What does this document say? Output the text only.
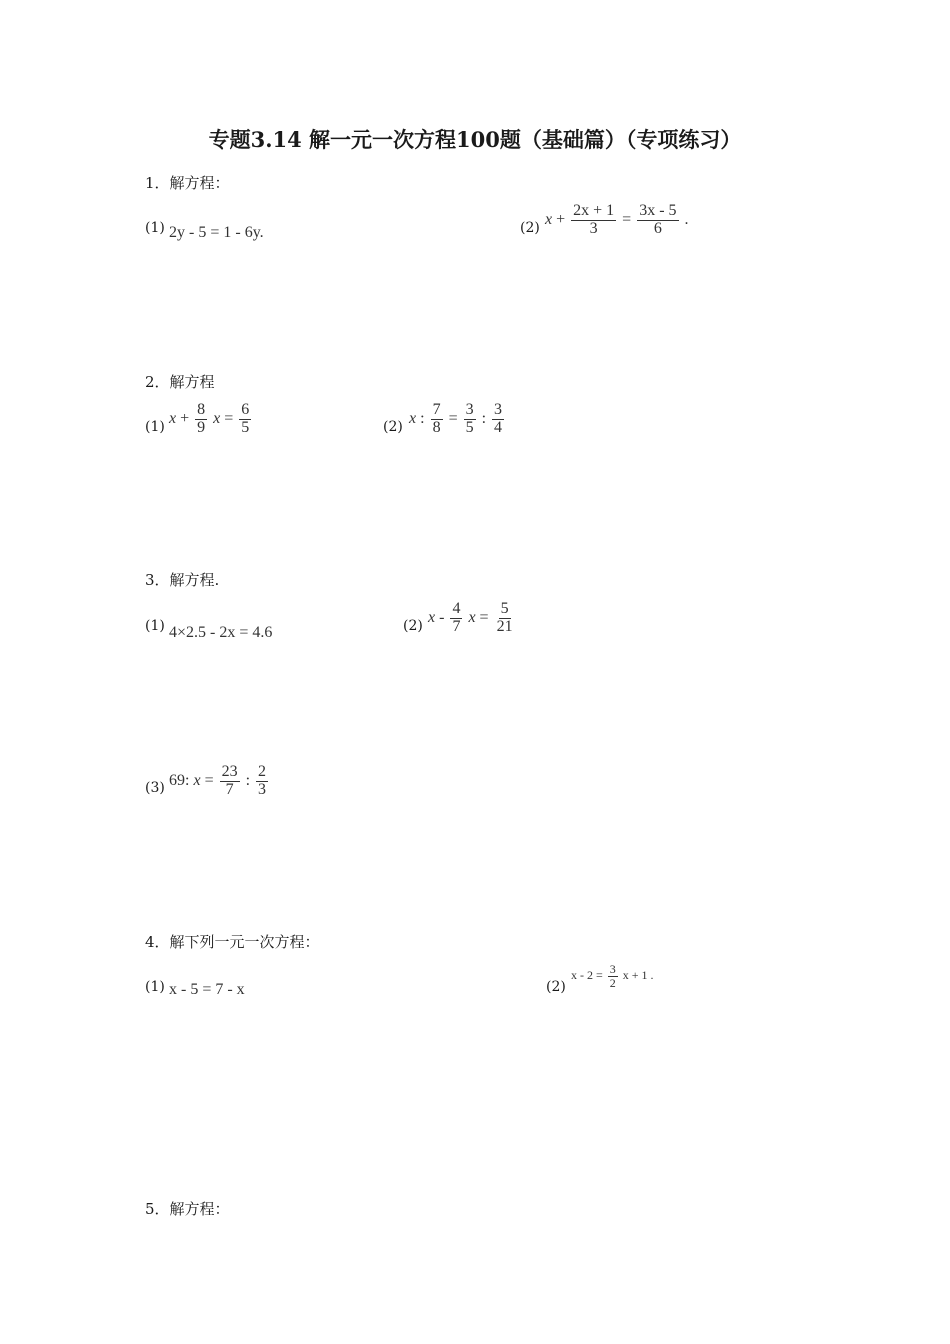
专题3.14 解一元一次方程100题（基础篇）（专项练习）
1．解方程：
(1) 2y - 5 = 1 - 6y.	(2)
$x + \frac{2x + 1}{3} = \frac{3x - 5}{6}$ .
2．解方程
(1)
$x + \frac{8}{9}$ $x = \frac{6}{5}$	(2)
x : $\frac{7}{8} = \frac{3}{5}$ : $\frac{3}{4}$
3．解方程.
(1) 4×2.5 - 2x = 4.6	(2)
x - $\frac{4}{7}$ $x = \frac{5}{21}$
(3) 69: $x = \frac{23}{7}$ : $\frac{2}{3}$
4．解下列一元一次方程：
(1) x - 5 = 7 - x	(2)
$x - 2 = \frac{3}{2}$ x + 1 .
5．解方程：
